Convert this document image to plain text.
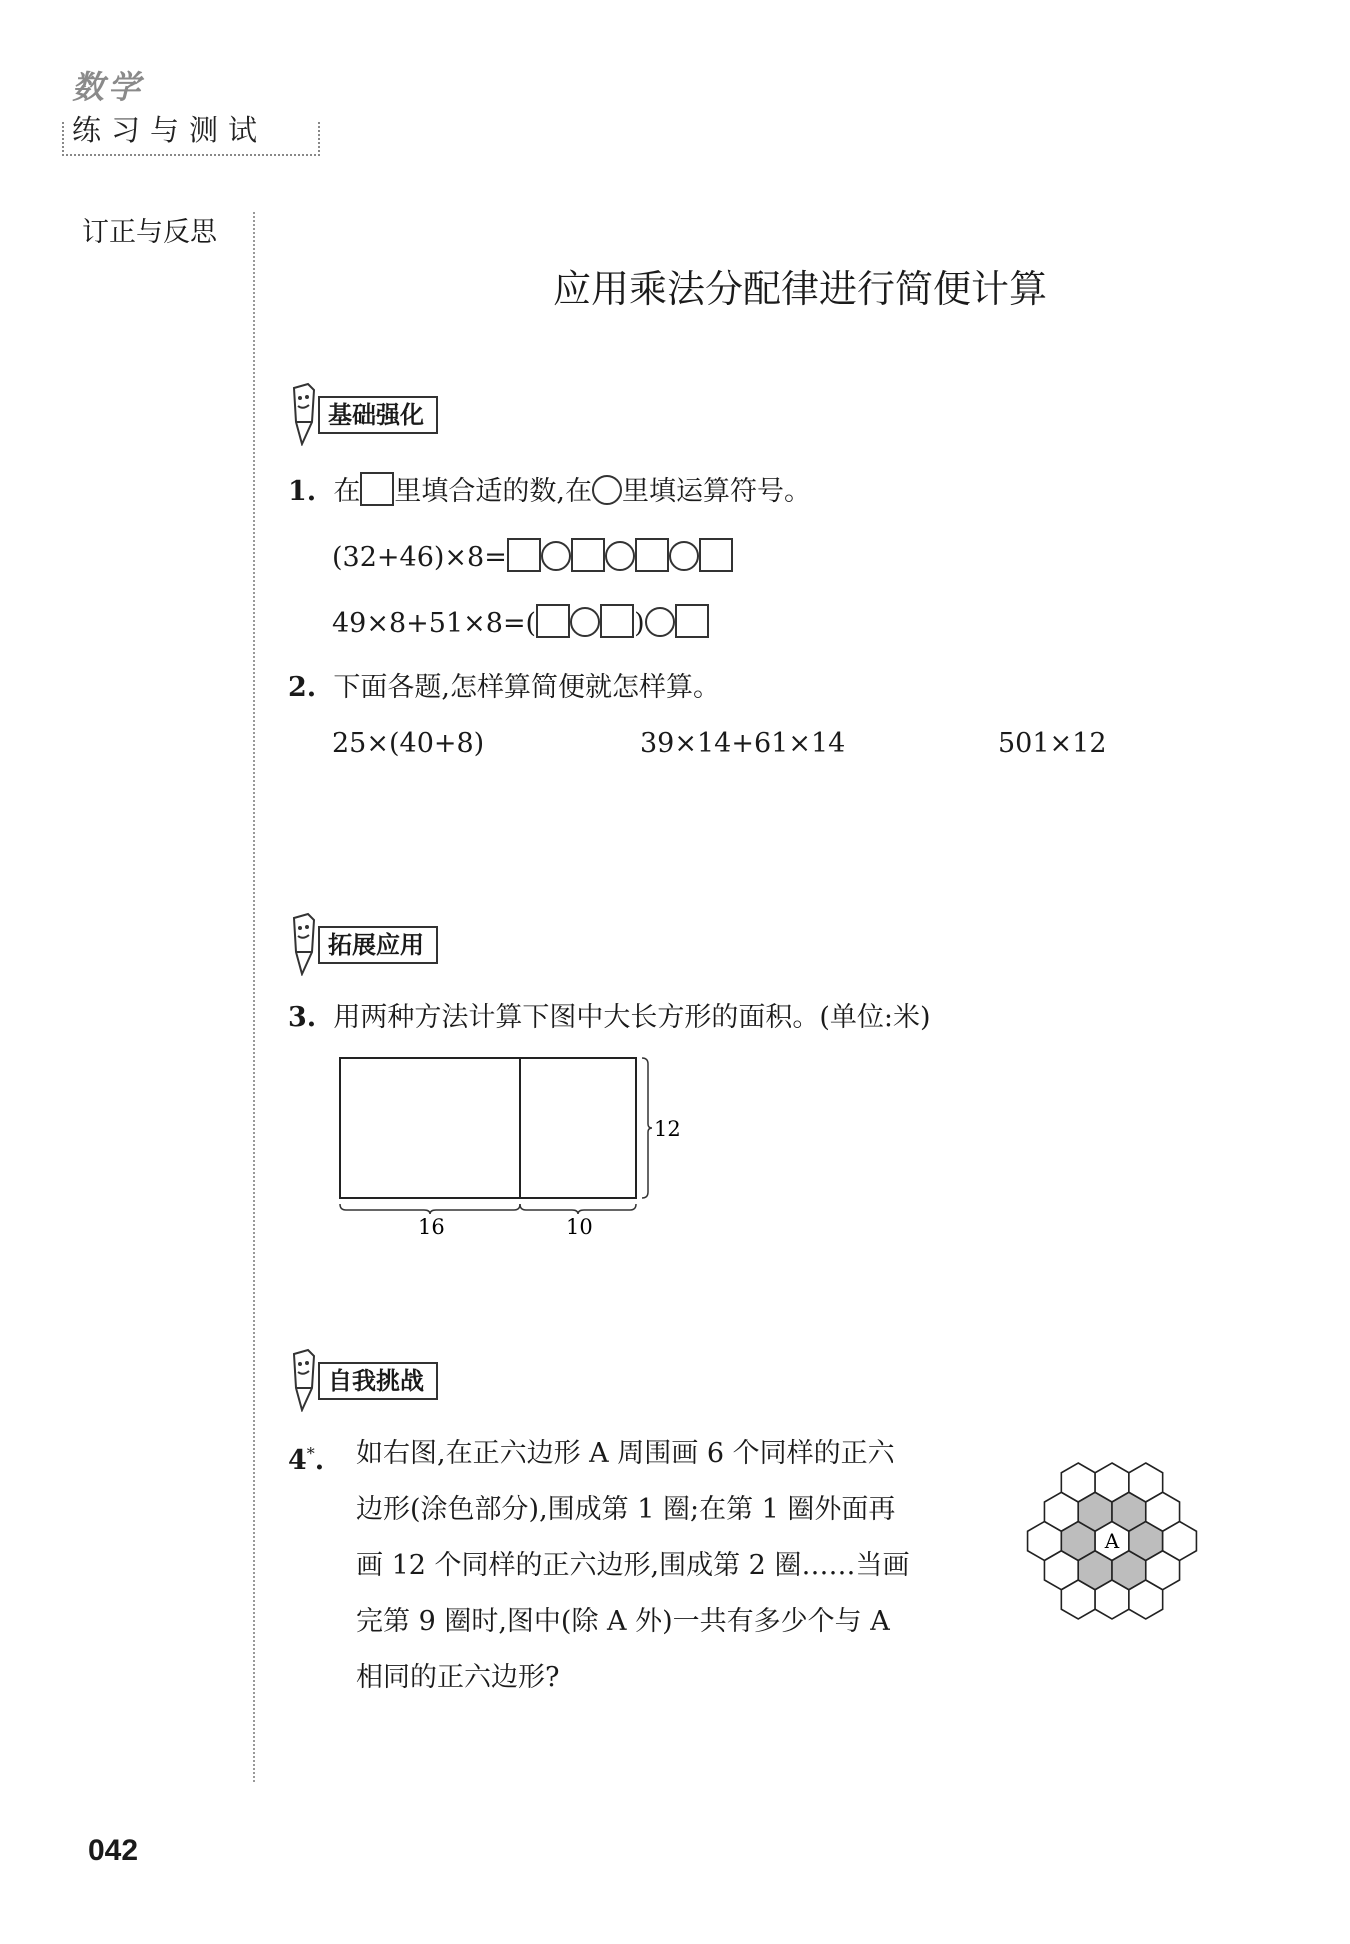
数学
练习与测试
订正与反思
应用乘法分配律进行简便计算
基础强化
1. 在 里填合适的数,在 里填运算符号。
(32+46)×8=
49×8+51×8=(	)
2. 下面各题,怎样算简便就怎样算。
25×(40+8)	39×14+61×14	501×12
拓展应用
3. 用两种方法计算下图中大长方形的面积。(单位:米)
12
16	10
自我挑战
4*. 如右图,在正六边形 A 周围画 6 个同样的正六
边形(涂色部分),围成第 1 圈;在第 1 圈外面再
画 12 个同样的正六边形,围成第 2 圈……当画
完第 9 圈时,图中(除 A 外)一共有多少个与 A
相同的正六边形?
A
042
